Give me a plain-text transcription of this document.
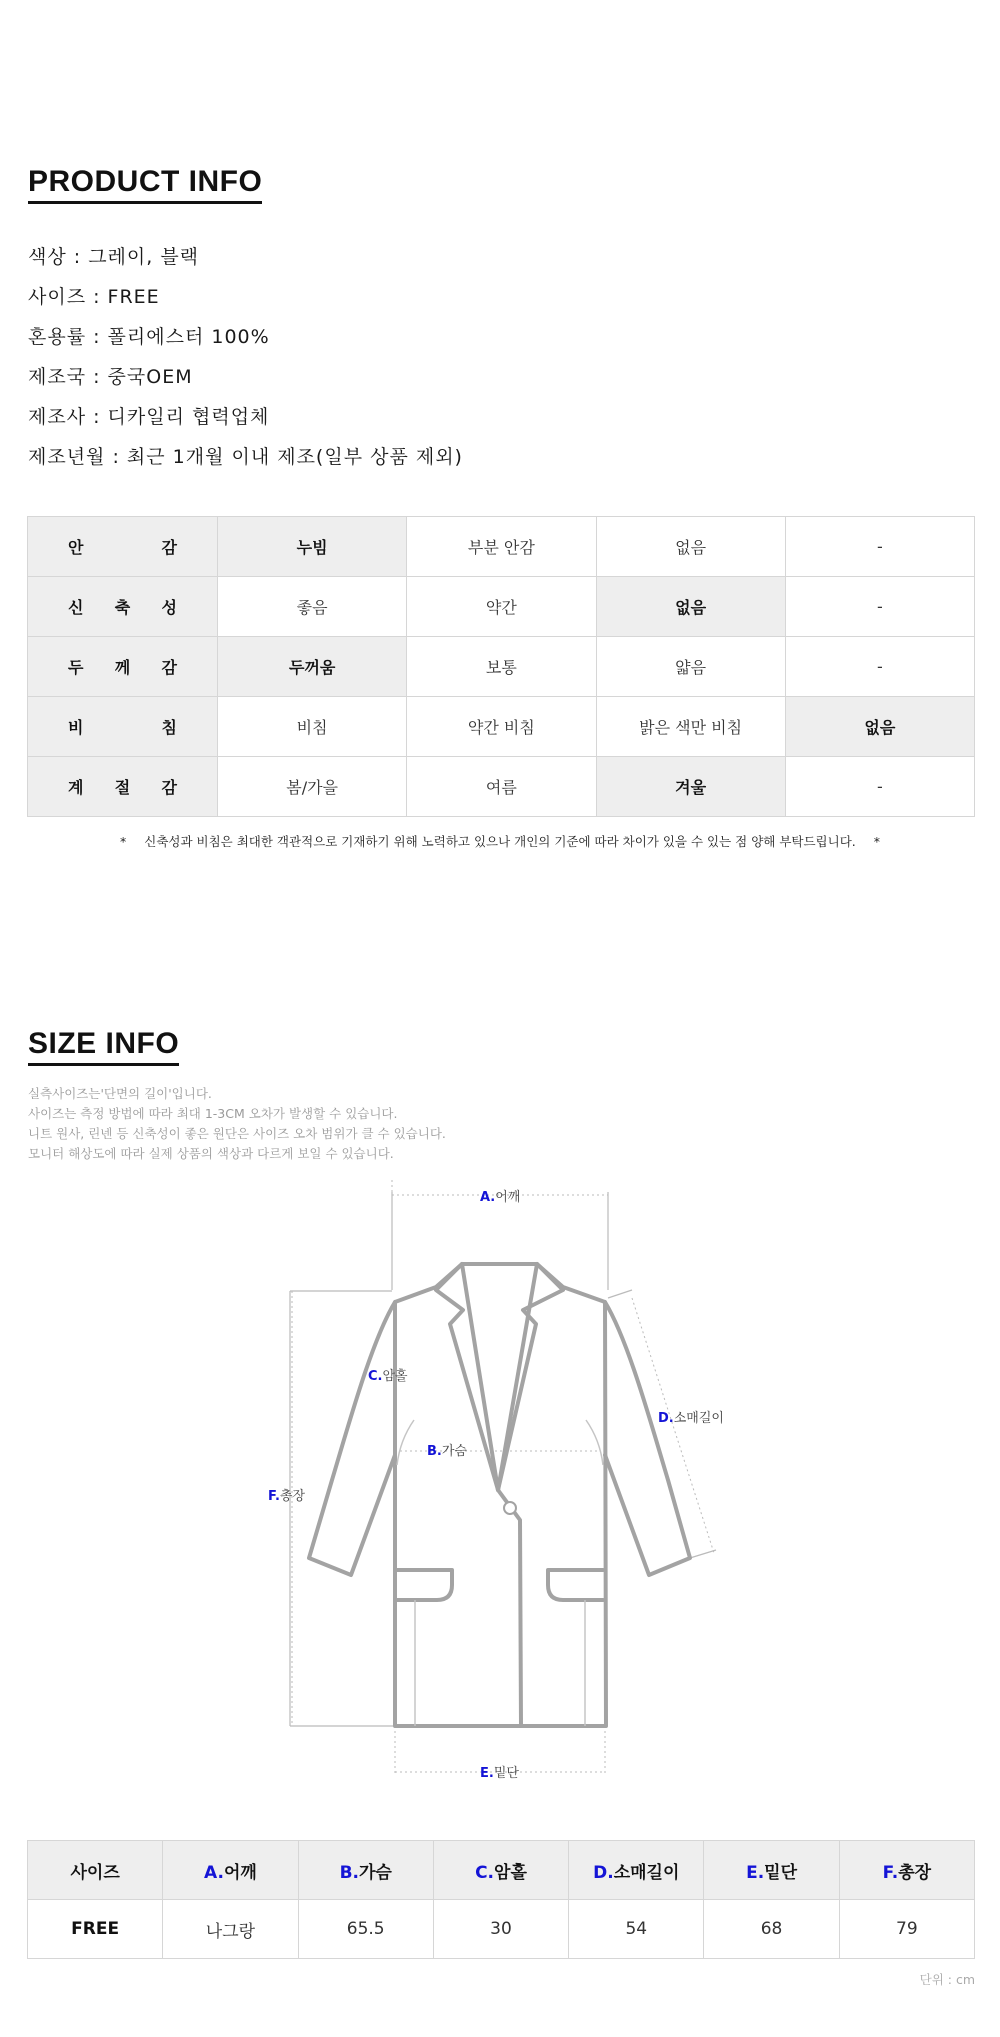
PRODUCT INFO
색상 : 그레이, 블랙
사이즈 : FREE
혼용률 : 폴리에스터 100%
제조국 : 중국OEM
제조사 : 디카일리 협력업체
제조년월 : 최근 1개월 이내 제조(일부 상품 제외)
안 감	누빔	부분 안감	없음	-

신 축 성	좋음	약간	없음	-

두 께 감	두꺼움	보통	얇음	-

비 침	비침	약간 비침	밝은 색만 비침	없음

계 절 감	봄/가을	여름	겨울	-
* 신축성과 비침은 최대한 객관적으로 기재하기 위해 노력하고 있으나 개인의 기준에 따라 차이가 있을 수 있는 점 양해 부탁드립니다. *
SIZE INFO
실측사이즈는'단면의 길이'입니다.
사이즈는 측정 방법에 따라 최대 1-3CM 오차가 발생할 수 있습니다.
니트 원사, 린넨 등 신축성이 좋은 원단은 사이즈 오차 범위가 클 수 있습니다.
모니터 해상도에 따라 실제 상품의 색상과 다르게 보일 수 있습니다.
A.어깨
C.암홀
B.가슴
D.소매길이
F.총장
E.밑단
사이즈	A.어깨	B.가슴	C.암홀	D.소매길이	E.밑단	F.총장
FREE	나그랑	65.5	30	54	68	79
단위 : cm
